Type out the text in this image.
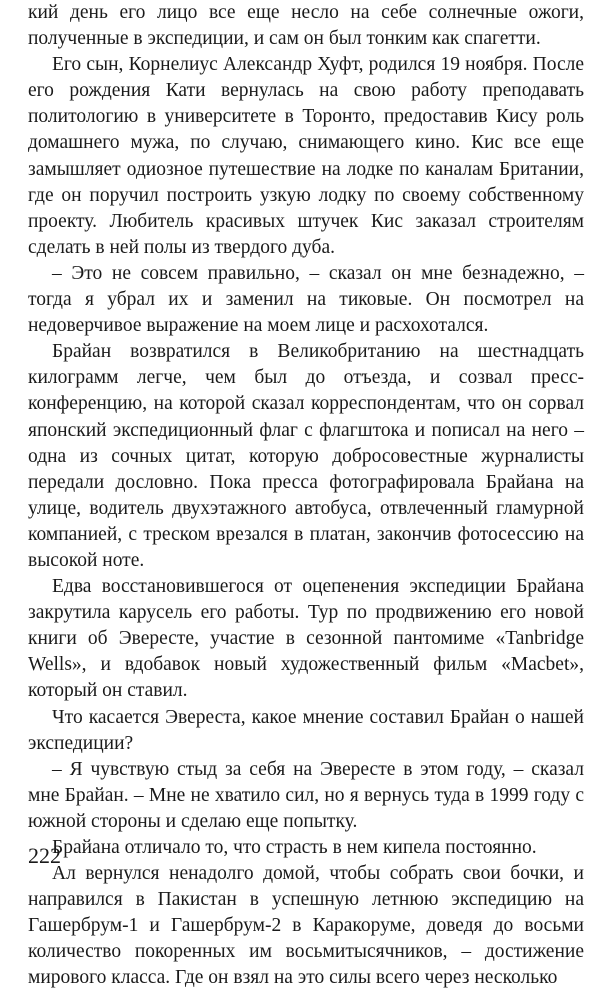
кий день его лицо все еще несло на себе солнечные ожоги, полученные в экспедиции, и сам он был тонким как спагетти.

Его сын, Корнелиус Александр Хуфт, родился 19 ноября. После его рождения Кати вернулась на свою работу преподавать политологию в университете в Торонто, предоставив Кису роль домашнего мужа, по случаю, снимающего кино. Кис все еще замышляет одиозное путешествие на лодке по каналам Британии, где он поручил построить узкую лодку по своему собственному проекту. Любитель красивых штучек Кис заказал строителям сделать в ней полы из твердого дуба.

– Это не совсем правильно, – сказал он мне безнадежно, – тогда я убрал их и заменил на тиковые. Он посмотрел на недоверчивое выражение на моем лице и расхохотался.

Брайан возвратился в Великобританию на шестнадцать килограмм легче, чем был до отъезда, и созвал пресс-конференцию, на которой сказал корреспондентам, что он сорвал японский экспедиционный флаг с флагштока и пописал на него – одна из сочных цитат, которую добросовестные журналисты передали дословно. Пока пресса фотографировала Брайана на улице, водитель двухэтажного автобуса, отвлеченный гламурной компанией, с треском врезался в платан, закончив фотосессию на высокой ноте.

Едва восстановившегося от оцепенения экспедиции Брайана закрутила карусель его работы. Тур по продвижению его новой книги об Эвересте, участие в сезонной пантомиме «Tanbridge Wells», и вдобавок новый художественный фильм «Macbet», который он ставил.

Что касается Эвереста, какое мнение составил Брайан о нашей экспедиции?

– Я чувствую стыд за себя на Эвересте в этом году, – сказал мне Брайан. – Мне не хватило сил, но я вернусь туда в 1999 году с южной стороны и сделаю еще попытку.

Брайана отличало то, что страсть в нем кипела постоянно.

Ал вернулся ненадолго домой, чтобы собрать свои бочки, и направился в Пакистан в успешную летнюю экспедицию на Гашербрум-1 и Гашербрум-2 в Каракоруме, доведя до восьми количество покоренных им восьмитысячников, – достижение мирового класса. Где он взял на это силы всего через несколько

222
